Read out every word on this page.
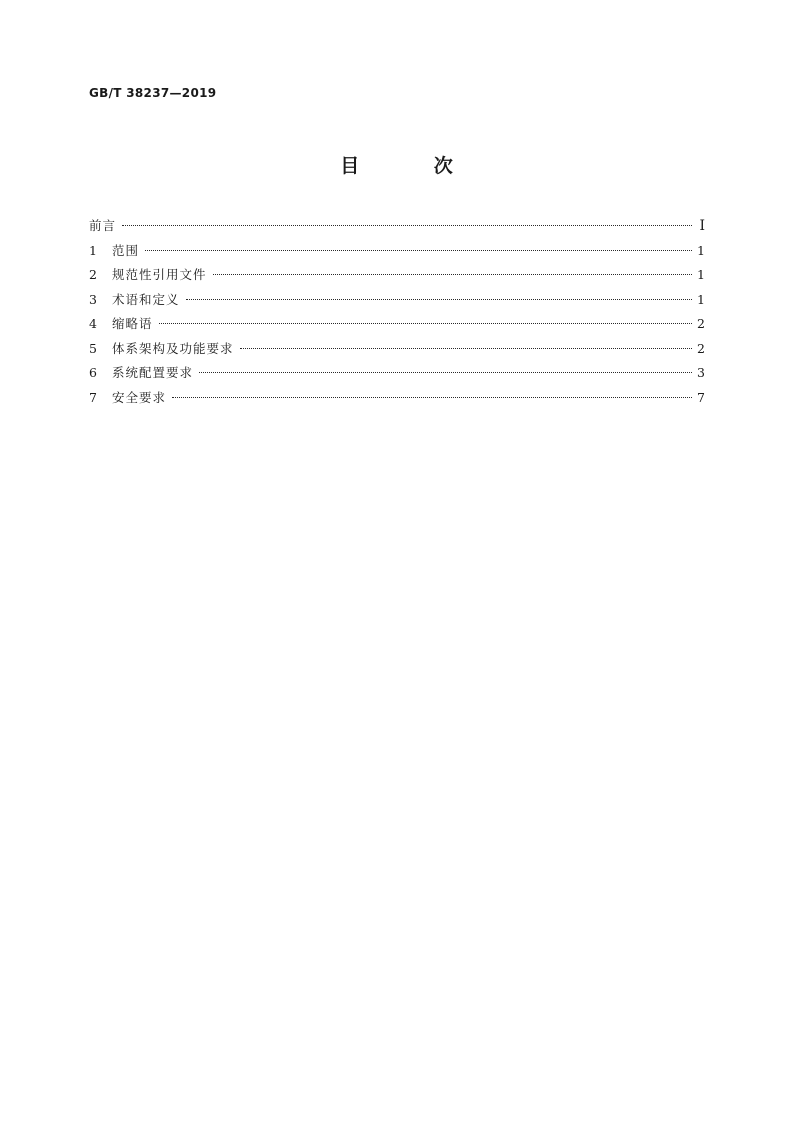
GB/T 38237—2019
目 次
前言	I
1	范围	1
2	规范性引用文件	1
3	术语和定义	1
4	缩略语	2
5	体系架构及功能要求	2
6	系统配置要求	3
7	安全要求	7
